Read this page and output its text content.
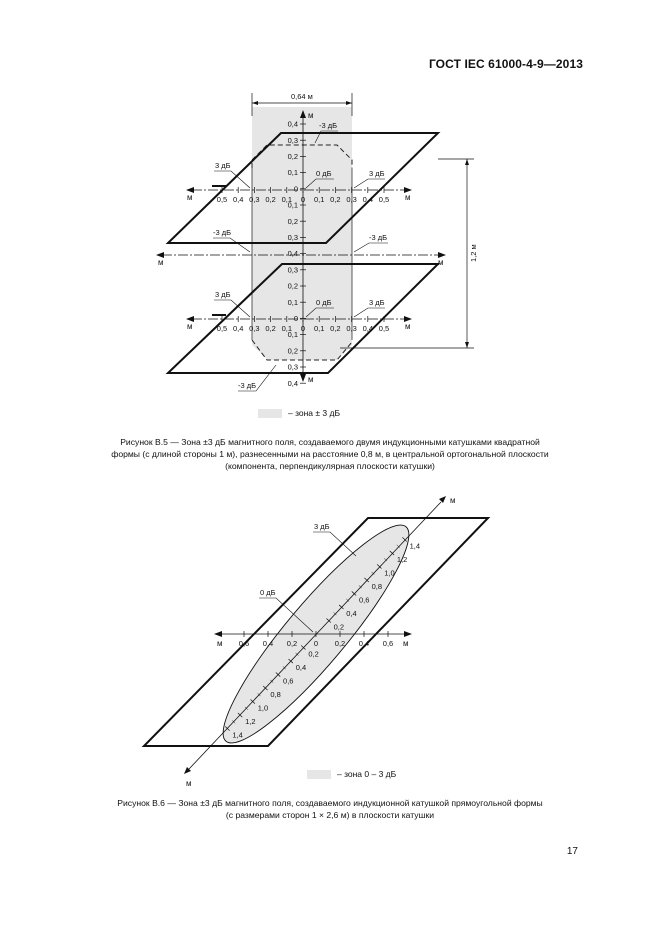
ГОСТ IEC 61000-4-9—2013
0,64 м
1,2 м
м
м
0,4
0,3
0,2
0,1
0
0,1
0,2
0,3
0,4
0,3
0,2
0,1
0
0,1
0,2
0,3
0,4
м	м
м	м
0,5 0,4 0,3 0,2 0,1 0 0,1 0,2 0,3 0,4 0,5
м	м
0,5 0,4 0,3 0,2 0,1 0 0,1 0,2 0,3 0,4 0,5
3 дБ
0 дБ	3 дБ
-3 дБ
-3 дБ
-3 дБ
3 дБ
0 дБ	3 дБ
-3 дБ
м	м
0,6 0,4 0,2 0 0,2 0,4 0,6
м
м
0,2
0,4
0,6
0,8
1,0
1,2
1,4
0,2
0,4
0,6
0,8
1,0
1,2
1,4
3 дБ
0 дБ
– зона ± 3 дБ
Рисунок В.5 — Зона ±3 дБ магнитного поля, создаваемого двумя индукционными катушками квадратной
формы (с длиной стороны 1 м), разнесенными на расстояние 0,8 м, в центральной ортогональной плоскости
(компонента, перпендикулярная плоскости катушки)
– зона 0 – 3 дБ
Рисунок В.6 — Зона ±3 дБ магнитного поля, создаваемого индукционной катушкой прямоугольной формы
(с размерами сторон 1 × 2,6 м) в плоскости катушки
17
